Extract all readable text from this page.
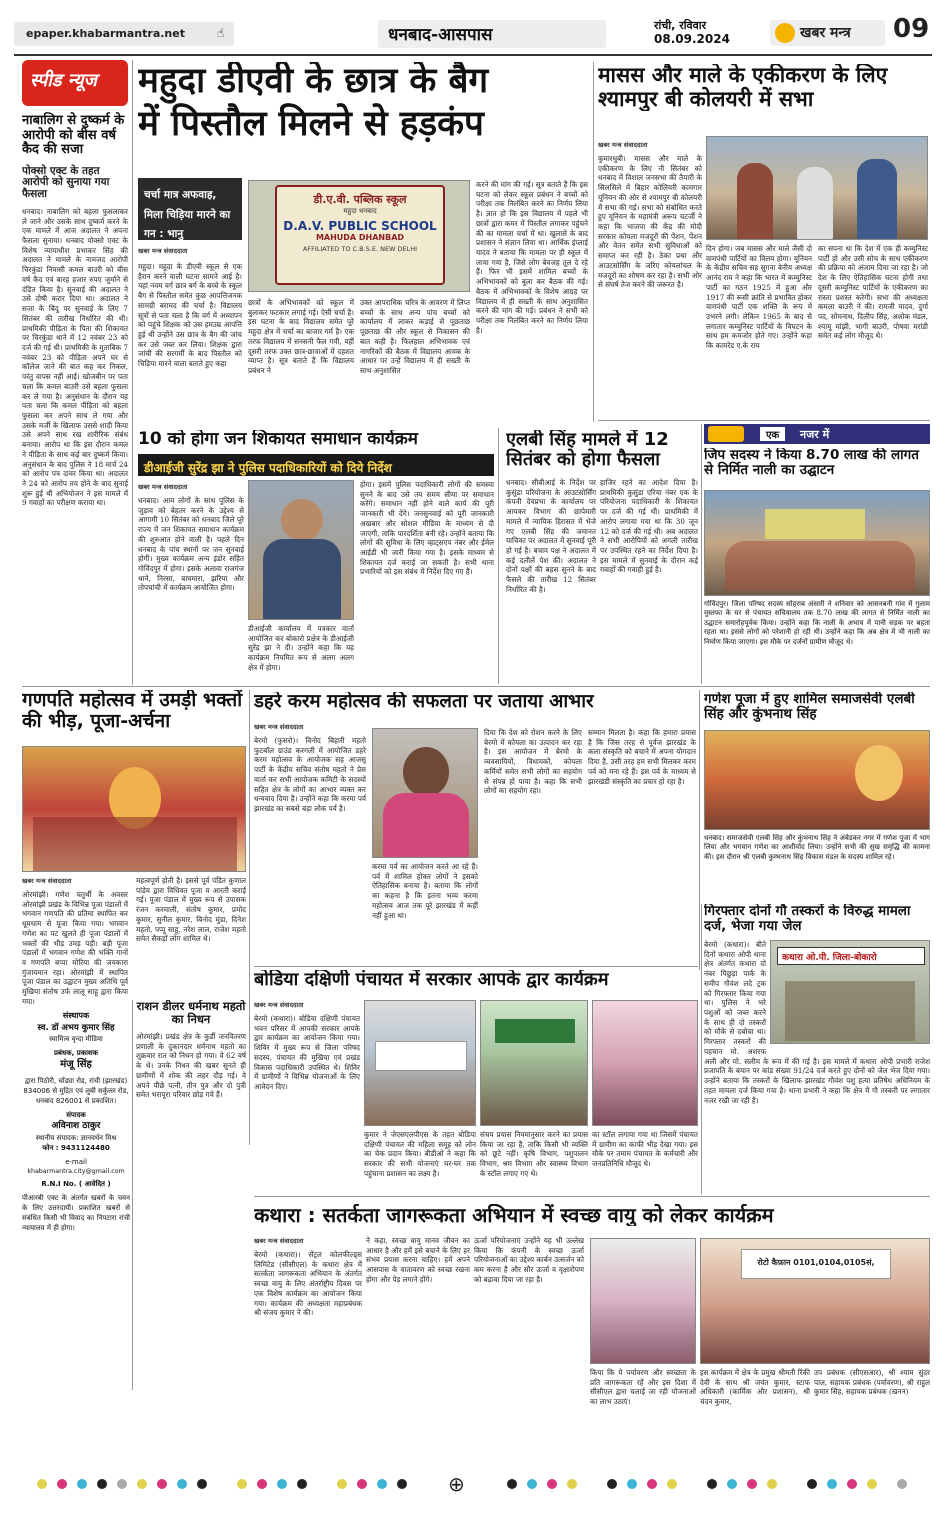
epaper.khabarmantra.net	☝	धनबाद-आसपास	रांची, रविवार
08.09.2024	खबर मन्त्र 09
स्पीड न्यूज
नाबालिग से दुष्कर्म के आरोपी को बीस वर्ष कैद की सजा
पोक्सो एक्ट के तहत आरोपी को सुनाया गया फैसला
धनबाद। नाबालिग को बहला फुसलाकर ले जाने और उसके साथ दुष्कर्म करने के एक मामले में आज अदालत ने अपना फैसला सुनाया। धनबाद पोक्सो एक्ट के विशेष न्यायाधीश प्रभाकर सिंह की अदालत ने मामले के नामजद आरोपी चिरकुंडा निवासी कमल बाउरी को बीस वर्ष कैद एवं बारह हजार रुपए जुर्माने से दंडित किया है। सुनवाई की अदालत ने उसे दोषी करार दिया था। अदालत ने सजा के बिंदु पर सुनवाई के लिए 7 सितंबर की तारीख निर्धारित की थी। प्राथमिकी पीड़िता के पिता की शिकायत पर चिरकुंडा थाने में 12 नवंबर 23 को दर्ज की गई थी। प्राथमिकी के मुताबिक 7 नवंबर 23 को पीड़िता अपने घर से कॉलेज जाने की बात कह कर निकल, परंतु वापस नहीं आई। खोजबीन पर पता चला कि कमल बाउरी उसे बहला फुसला कर ले गया है। अनुसंधान के दौरान यह पता चला कि कमल पीड़िता को बहला फुसला कर अपने साथ ले गया और उसके मर्जी के खिलाफ उससे शादी किया उसे अपने साथ रख शारीरिक संबंध बनाया। आरोप था कि इस दौरान कमल ने पीड़िता के साथ कई बार दुष्कर्म किया। अनुसंधान के बाद पुलिस ने 18 मार्च 24 को आरोप पत्र दायर किया था। अदालत ने 24 को आरोप तय होने के बाद सुनाई शुरू हुई थी अभियोजन ने इस मामले में 9 गवाहों का परीक्षण कराया था।
महुदा डीएवी के छात्र के बैग
में पिस्तौल मिलने से हड़कंप
चर्चा मात्र अफवाह, मिला चिड़िया मारने का गन : भानु
डी.ए.वी. पब्लिक स्कूल
महुदा धनबाद
D.A.V. PUBLIC SCHOOL
MAHUDA DHANBAD
AFFILIATED TO C.B.S.E. NEW DELHI
खबर मन्त्र संवाददाता
महुदा। महुदा के डीएवी स्कूल से एक हैरान करने वाली घटना सामने आई है। यहां नवम वर्ग छात्र बर्ग के बच्चे के स्कूल बैग से पिस्तौल समेत कुछ आपत्तिजनक सामग्री बरामद की चर्चा है। विद्यालय सूत्रों से पता चला है कि वर्ग में अध्यापन को पहुंचे शिक्षक को उस हमउम्र आपत्ति हुई थी उन्होंने उस छात्र के बैग की जांच कर उसे जब्त कर लिया। शिक्षक द्वारा जांची की सरगर्मी के बाद पिस्तौल को चिड़िया मारने वाला बताते हुए कहा
छात्रों के अभिभावकों को स्कूल में बुलाकर फटकार लगाई गई। ऐसी चर्चा है। इस घटना के बाद विद्यालय समेत पूरे महुदा क्षेत्र में चर्चा का बाजार गर्म है। एक तरफ विद्यालय में सनसनी फैल गयी, वहीं दूसरी तरफ उक्त छात्र-छात्राओं में दहशत व्याप्त है। सूत्र बताते हैं कि विद्यालय प्रबंधन ने
उक्त आपराधिक चरित्र के आवरण में लिप्त बच्चों के साथ अन्य पांच बच्चों को कार्यालय में लाकर कड़ाई से पूछताछ पूछताछ की और स्कूल से निकासन की बात कही है। फिलहाल अभिभावक एवं नागरिकों की बैठक में विद्यालय आवक के आधार पर उन्हें विद्यालय में ही सख्ती के साथ अनुशासित
करने की मांग की गई। सूत्र बताते हैं कि इस घटना को लेकर स्कूल प्रबंधन ने बच्चों को परीक्षा तक निलंबित करने का निर्णय लिया है। ज्ञात हो कि इस विद्यालय में पहले भी छात्रों द्वारा कमर में पिस्तौल लगाकर पहुंचने की का मामला चर्चा में था। खुलासे के बाद प्रशासन ने संज्ञान लिया था। आर्थिक इंप्लाई यादव ने बताया कि मामला पर ही स्कूल में लाया गया है, जिसे लोग बेवजह तूल दे रहे हैं। फिर भी इसमें शामिल बच्चों के अभिभावकों को बुला कर बैठक की गई। बैठक में अभिभावकों के विशेष आग्रह पर विद्यालय में ही सख्ती के साथ अनुशासित करने की मांग की गई। प्रबंधन ने सभी को परीक्षा तक निलंबित करने का निर्णय लिया है।
मासस और माले के एकीकरण के लिए श्यामपुर बी कोलयरी में सभा
खबर मन्त्र संवाददाता
कुमारधुबी। मासस और माले के एकीकरण के लिए नौ सितंबर को धनबाद में विशाल जनसभा की तैयारी के सिलसिले में बिहार कोलियरी कामगार यूनियन की ओर से श्यामपुर बी कोलयरी में सभा की गई। सभा को संबोधित करते हुए यूनियन के महामंत्री अरूप चटर्जी ने कहा कि भाजपा की केंद्र की मोदी सरकार कोयला मजदूरों की पेंशन, पेंशन और वेतन समेत सभी सुविधाओं को समाप्त कर रही है। ठेका प्रथा और आउटसोर्सिंग के जरिए कोयलांचल के मजदूरों का शोषण कर रहा है। सभी ओर से संघर्ष तेज करने की जरूरत है।
दिन होगा। जब मासस और माले जैसी दो वामपंथी पार्टियों का विलय होगा। यूनियन के केंद्रीय सचिव सह सुगना बेनीय अध्यक्ष आनंद राम ने कहा कि भारत में कम्युनिस्ट पार्टी का गठन 1925 में हुआ और 1917 की रूसी क्रांति से प्रभावित होकर वामपंथी पार्टी एक शक्ति के रूप में उभरने लगी। लेकिन 1965 के बाद से लगातार कम्युनिस्ट पार्टियों के विघटन के साथ हम कमजोर होते गए। उन्होंने कहा कि कामरेड ए.के राय
का सपना था कि देश में एक ही कम्युनिस्ट पार्टी हो और उसी सोच के साथ एकीकरण की प्रक्रिया को अंजाम दिया जा रहा है। जो देश के लिए ऐतिहासिक घटना होगी तथा दूसरी कम्युनिस्ट पार्टियों के एकीकरण का रास्ता प्रशस्त करेगी। सभा की अध्यक्षता कमला बाउरी ने की। रामजी यादव, दुर्गा पद, सोमनाथ, दिलीप सिंह, अशोक मंडल, श्यामू मांझी, भागी बाउरी, पोषवा मरांडी समेत कई लोग मौजूद थे।
एक	नजर में
जिप सदस्य ने किया 8.70 लाख की लागत से निर्मित नाली का उद्घाटन
गोविंदपुर। जिला परिषद सदस्य सोहराब अंसारी ने शनिवार को आसनबनी गांव में गुलाम मुस्तफा के घर से पंचायत सचिवालय तक 8.70 लाख की लागत से निर्मित नाली का उद्घाटन समारोहपूर्वक किया। उन्होंने कहा कि नाली के अभाव में पानी सड़क पर बहता रहता था। इससे लोगों को परेशानी हो रही थी। उन्होंने कहा कि अब क्षेत्र में भी नाली का निर्माण किया जाएगा। इस मौके पर दर्जनों ग्रामीण मौजूद थे।
10 को होगा जन शिकायत समाधान कार्यक्रम
डीआईजी सुरेंद्र झा ने पुलिस पदाधिकारियों को दिये निर्देश
खबर मन्त्र संवाददाता
धनबाद। आम लोगों के साथ पुलिस के जुड़ाव को बेहतर करने के उद्देश्य से आगामी 10 सितंबर को धनबाद जिले पूरे राज्य में जन शिकायत समाधान कार्यक्रम की शुरुआत होने वाली है। पहले दिन धनबाद के पांच स्थानों पर जन सुनवाई होगी। मुख्य कार्यक्रम अन्य इंडोर सहित गोविंदपुर में होगा। इसके अलावा राजगंज थाने, निरसा, बाघमारा, झरिया और तोपचांची में कार्यक्रम आयोजित होगा।
डीआईजी कार्यालय में पत्रकार वार्ता आयोजित कर बोकारो प्रक्षेत्र के डीआईजी सुरेंद्र झा ने दी। उन्होंने कहा कि यह कार्यक्रम नियमित रूप से अलग अलग क्षेत्र में होगा।
होगा। इसमें पुलिस पदाधिकारी लोगों की समस्या सुनने के बाद उसे तय समय सीमा पर समाधान करेंगे। समाधान नहीं होने वाले कार्य की पूरी जानकारी भी देंगे। जनसुनवाई को पूरी जानकारी अखबार और सोशल मीडिया के माध्यम से दी जाएगी, ताकि पारदर्शिता बनी रहे। उन्होंने बताया कि लोगों की सुविधा के लिए व्हाट्सएप नंबर और ईमेल आईडी भी जारी किया गया है। इसके माध्यम से शिकायत दर्ज कराई जा सकती है। सभी थाना प्रभारियों को इस संबंध में निर्देश दिए गए हैं।
एलबी सिंह मामले में 12 सितंबर को होगा फैसला
धनबाद। सीबीआई के निर्देश पर कुसुंडा परियोजना के आउटसोर्सिंग कंपनी देवप्रभा के कार्यालय पर आयकर विभाग की छापेमारी मामले में न्यायिक हिरासत में भेजे गए एलबी सिंह की जमानत याचिका पर अदालत में सुनवाई पूरी हो गई है। बचाव पक्ष ने अदालत में कई दलीलें पेश कीं। अदालत ने दोनों पक्षों की बहस सुनने के बाद फैसले की तारीख 12 सितंबर निर्धारित की है।
हाजिर रहने का आदेश दिया है। प्राथमिकी कुसुंडा एरिया नंबर एक के परियोजना पदाधिकारी के शिकायत पर दर्ज की गई थी। प्राथमिकी में आरोप लगाया गया था कि 30 जून 12 को दर्ज की गई थी। अब अदालत ने सभी आरोपियों को अगली तारीख पर उपस्थित रहने का निर्देश दिया है। इस मामले में सुनवाई के दौरान कई गवाहों की गवाही हुई है।
गणपति महोत्सव में उमड़ी भक्तों की भीड़, पूजा-अर्चना
खबर मन्त्र संवाददाता
ओरमांझी। गणेश चतुर्थी के अवसर ओरमांझी प्रखंड के विभिन्न पूजा पंडालों में भगवान गणपति की प्रतिमा स्थापित कर धूमधाम से पूजा किया गया। भगवान गणेश का पट खुलते ही पूजा पंडालों में भक्तों की भीड़ उमड़ पड़ी। बड़ी पूजा पंडालों में भगवान गणेश की भक्ति गानों व गणपति बप्पा मोरिया की जयकारा गुंजायमान रहा। ओरमांझी में स्थापित पूजा पंडाल का उद्घाटन मुख्य अतिथि पूर्व मुखिया संतोष उर्फ लालू साहू द्वारा किया गया।
महत्वपूर्ण होती है। इससे पूर्व पंडित कुणाल पांडेय द्वारा विधिवत पूजा व आरती कराई गई। पूजा पंडाल में मुख्य रूप से उपासक रंजन करमाली, संतोष कुमार, प्रमोद कुमार, सुनील कुमार, बिनोद मुंडा, दिनेश महतो, पप्पू साहू, नरेश लाल, राजेश महतो समेत सैकड़ों लोग शामिल थे।
राशन डीलर धर्मनाथ महतो का निधन
ओरमांझी। प्रखंड क्षेत्र के कुर्डी जनवितरण प्रणाली के दुकानदार धर्मनाथ महतो का शुक्रवार रात को निधन हो गया। वे 62 वर्ष के थे। उनके निधन की खबर सुनते ही ग्रामीणों में शोक की लहर दौड़ गई। वे अपने पीछे पत्नी, तीन पुत्र और दो पुत्री समेत भरापूरा परिवार छोड़ गये हैं।
संस्थापक
स्व. डॉ अभय कुमार सिंह
स्वामित्व वृन्दा मीडिया
प्रबंधक, प्रकाशक
मंजू सिंह
द्वारा पिठोरी, चोंड्या रोड, रांची (झारखंड) 834006 से मुद्रित एवं लुबी सर्कुलर रोड, धनबाद 826001 से प्रकाशित।
संपादक
अविनाश ठाकुर
स्थानीय संपादक: ज्ञानवर्धन मिश्र
फोन : 9431124480
e-mail
khabarmantra.city@gmail.com
R.N.I No. ( आवेदित )
पीआरबी एक्ट के अंतर्गत खबरों के चयन के लिए उत्तरदायी। प्रकाशित खबरों से संबंधित किसी भी विवाद का निपटारा रांची न्यायालय में ही होगा।
डहरे करम महोत्सव की सफलता पर जताया आभार
खबर मन्त्र संवाददाता
बेरमो (फुसरो)। विनोद बिहारी महतो फुटबॉल ग्राउंड करगली में आयोजित डहरे करम महोत्सव के आयोजक सह आजसू पार्टी के केंद्रीय सचिव संतोष महतो ने प्रेस वार्ता कर सभी आयोजक कमिटी के सदस्यों सहित क्षेत्र के लोगों का आभार व्यक्त कर धन्यवाद दिया है। उन्होंने कहा कि करमा पर्व झारखंड का सबसे बड़ा लोक पर्व है।
करमा पर्व का आयोजन करते आ रहे हैं। पर्व में शामिल होकर लोगों ने इसको ऐतिहासिक बनाया है। बताया कि लोगों का कहना है कि इतना भव्य करमा महोत्सव आज तक पूरे झारखंड में कहीं नहीं हुआ था।
दिया कि देश को रोशन करने के लिए बेरमो में कोयला का उत्पादन कर रहा है। इस आयोजन में बेरमो के व्यवसायियों, विधायकों, कोयला कर्मियों समेत सभी लोगों का सहयोग से संपन्न हो पाया है। कहा कि सभी लोगों का सहयोग रहा।
सम्मान मिलता है। कहा कि हमारा प्रयास है कि जिस तरह से पूर्वज झारखंड के कला संस्कृति को बचाने में अपना योगदान दिया है, उसी तरह हम सभी मिलकर करम पर्व को मना रहे हैं। इस पर्व के माध्यम से झारखंडी संस्कृति का प्रचार हो रहा है।
गणेश पूजा में हुए शामिल समाजसेवी एलबी सिंह और कुंभनाथ सिंह
धनबाद। समाजसेवी एलबी सिंह और कुंभनाथ सिंह ने अंबेडकर नगर में गणेश पूजा में भाग लिया और भगवान गणेश का आशीर्वाद लिया। उन्होंने सभी की सुख समृद्धि की कामना की। इस दौरान श्री एलबी कुम्भनाथ सिंह विकास मंडल के सदस्य शामिल रहे।
गिरफ्तार दोनों गौ तस्करों के विरुद्ध मामला दर्ज, भेजा गया जेल
कथारा ओ.पी. जिला-बोकारो
बेरमो (कथारा)। बीते दिनों कथारा ओपी थाना क्षेत्र अंतर्गत कथारा दो नंबर पिछुड़ा पार्क के समीप गौवंश लदे ट्रक को गिरफ्तार किया गया था। पुलिस ने भरे पशुओं को जब्त करने के साथ ही दो तस्करों को मौके से दबोचा था। गिरफ्तार तस्करों की पहचान मो. अशरफ अली और मो. सलीम के रूप में की गई है। इस मामले में कथारा ओपी प्रभारी राजेश प्रजापति के बयान पर कांड संख्या 91/24 दर्ज करते हुए दोनों को जेल भेज दिया गया। उन्होंने बताया कि तस्करों के खिलाफ झारखंड गौवंश पशु हत्या प्रतिषेध अधिनियम के तहत मामला दर्ज किया गया है। थाना प्रभारी ने कहा कि क्षेत्र में गौ तस्करी पर लगातार नजर रखी जा रही है।
बोडिया दक्षिणी पंचायत में सरकार आपके द्वार कार्यक्रम
खबर मन्त्र संवाददाता
बेरमो (कथारा)। बोडिया दक्षिणी पंचायत भवन परिसर में आपकी सरकार आपके द्वार कार्यक्रम का आयोजन किया गया। शिविर में मुख्य रूप से जिला परिषद सदस्य, पंचायत की मुखिया एवं प्रखंड विकास पदाधिकारी उपस्थित थे। शिविर में ग्रामीणों ने विभिन्न योजनाओं के लिए आवेदन दिए।
कुमार ने जेएसएलपीएस के तहत बोडिया दक्षिणी पंचायत की महिला समूह को लोन का चेक प्रदान किया। बीडीओ ने कहा कि सरकार की सभी योजनाएं घर-घर तक पहुंचाना प्रशासन का लक्ष्य है।
संचय प्रयास नियमानुसार करने का प्रयास किया जा रहा है, ताकि किसी भी व्यक्ति को छूटे नहीं। कृषि विभाग, पशुपालन विभाग, श्रम विभाग और स्वास्थ्य विभाग के स्टॉल लगाए गए थे।
का स्टॉल लगाया गया था जिसमें पंचायत में ग्रामीण का काफी भीड़ देखा गया। इस मौके पर तमाम पंचायत के कर्मचारी और जनप्रतिनिधि मौजूद थे।
कथारा : सतर्कता जागरूकता अभियान में स्वच्छ वायु को लेकर कार्यक्रम
खबर मन्त्र संवाददाता
बेरमो (कथारा)। सेंट्रल कोलफील्ड्स लिमिटेड (सीसीएल) के कथारा क्षेत्र में सतर्कता जागरूकता अभियान के अंतर्गत स्वच्छ वायु के लिए अंतर्राष्ट्रीय दिवस पर एक विशेष कार्यक्रम का आयोजन किया गया। कार्यक्रम की अध्यक्षता महाप्रबंधक श्री संजय कुमार ने की।
ने कहा, स्वच्छ वायु मानव जीवन का आधार है और हमें इसे बचाने के लिए हर संभव प्रयास करना चाहिए। हमें अपने आसपास के वातावरण को स्वच्छ रखना होगा और पेड़ लगाने होंगे।
ऊर्जा परियोजनाएं उन्होंने यह भी उल्लेख किया कि कंपनी के स्वच्छ ऊर्जा परियोजनाओं का उद्देश्य कार्बन उत्सर्जन को कम करना है और सौर ऊर्जा व वृक्षारोपण को बढ़ावा दिया जा रहा है।
रोटो कैफ़ान 0101,0104,0105सं,
किया कि ये पर्यावरण और स्वच्छता के प्रति जागरूकता रहें और इस दिशा में सीसीएल द्वारा चलाई जा रही योजनाओं का लाभ उठाएं।
इस कार्यक्रम में क्षेत्र के प्रमुख श्रीमती रिंकी देवी के साथ श्री जयंत कुमार, स्टाफ अधिकारी (कार्मिक और प्रशासन), श्री चंदन कुमार,
उप प्रबंधक (सीएसआर), श्री श्याम सुंदर पाल, सहायक प्रबंधक (पर्यावरण), श्री राहुल कुमार सिंह, सहायक प्रबंधक (खनन)
⊕
